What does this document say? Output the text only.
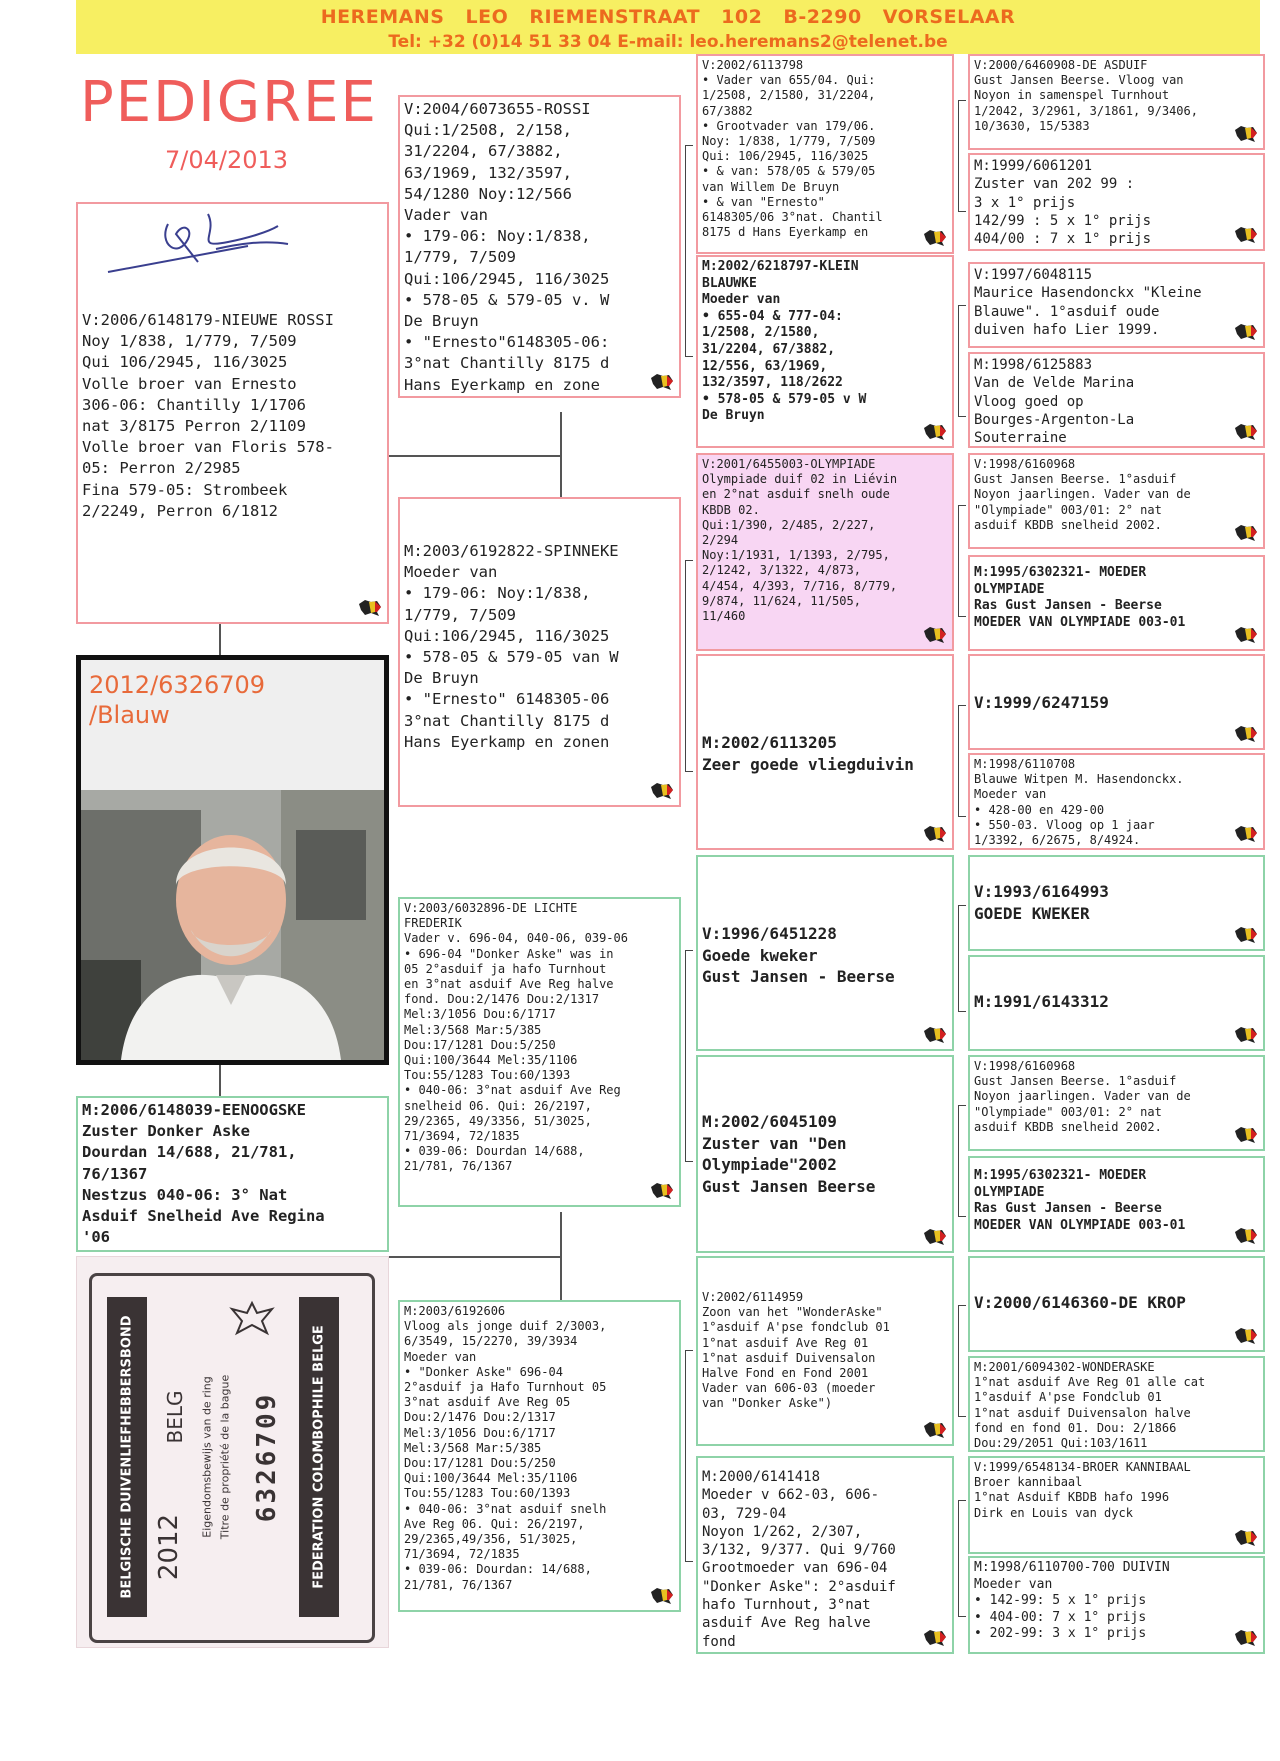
HEREMANS LEO RIEMENSTRAAT 102 B-2290 VORSELAAR
Tel: +32 (0)14 51 33 04 E-mail: leo.heremans2@telenet.be
PEDIGREE
7/04/2013
V:2006/6148179-NIEUWE ROSSI
Noy 1/838, 1/779, 7/509
Qui 106/2945, 116/3025
Volle broer van Ernesto
306-06: Chantilly 1/1706
nat 3/8175 Perron 2/1109
Volle broer van Floris 578-
05: Perron 2/2985
Fina 579-05: Strombeek
2/2249, Perron 6/1812
2012/6326709
/Blauw
M:2006/6148039-EENOOGSKE
Zuster Donker Aske
Dourdan 14/688, 21/781,
76/1367
Nestzus 040-06: 3° Nat
Asduif Snelheid Ave Regina
'06
BELGISCHE DUIVENLIEFHEBBERSBOND	FEDERATION COLOMBOPHILE BELGE
2012
BELG Eigendomsbewijs van de ring Titre de propriété de la bague 6326709
V:2004/6073655-ROSSI
Qui:1/2508, 2/158,
31/2204, 67/3882,
63/1969, 132/3597,
54/1280 Noy:12/566
Vader van
• 179-06: Noy:1/838,
1/779, 7/509
Qui:106/2945, 116/3025
• 578-05 & 579-05 v. W
De Bruyn
• "Ernesto"6148305-06:
3°nat Chantilly 8175 d
Hans Eyerkamp en zone
M:2003/6192822-SPINNEKE
Moeder van
• 179-06: Noy:1/838,
1/779, 7/509
Qui:106/2945, 116/3025
• 578-05 & 579-05 van W
De Bruyn
• "Ernesto" 6148305-06
3°nat Chantilly 8175 d
Hans Eyerkamp en zonen
V:2003/6032896-DE LICHTE
FREDERIK
Vader v. 696-04, 040-06, 039-06
• 696-04 "Donker Aske" was in
05 2°asduif ja hafo Turnhout
en 3°nat asduif Ave Reg halve
fond. Dou:2/1476 Dou:2/1317
Mel:3/1056 Dou:6/1717
Mel:3/568 Mar:5/385
Dou:17/1281 Dou:5/250
Qui:100/3644 Mel:35/1106
Tou:55/1283 Tou:60/1393
• 040-06: 3°nat asduif Ave Reg
snelheid 06. Qui: 26/2197,
29/2365, 49/3356, 51/3025,
71/3694, 72/1835
• 039-06: Dourdan 14/688,
21/781, 76/1367
M:2003/6192606
Vloog als jonge duif 2/3003,
6/3549, 15/2270, 39/3934
Moeder van
• "Donker Aske" 696-04
2°asduif ja Hafo Turnhout 05
3°nat asduif Ave Reg 05
Dou:2/1476 Dou:2/1317
Mel:3/1056 Dou:6/1717
Mel:3/568 Mar:5/385
Dou:17/1281 Dou:5/250
Qui:100/3644 Mel:35/1106
Tou:55/1283 Tou:60/1393
• 040-06: 3°nat asduif snelh
Ave Reg 06. Qui: 26/2197,
29/2365,49/356, 51/3025,
71/3694, 72/1835
• 039-06: Dourdan: 14/688,
21/781, 76/1367
V:2002/6113798
• Vader van 655/04. Qui:
1/2508, 2/1580, 31/2204,
67/3882
• Grootvader van 179/06.
Noy: 1/838, 1/779, 7/509
Qui: 106/2945, 116/3025
• & van: 578/05 & 579/05
van Willem De Bruyn
• & van "Ernesto"
6148305/06 3°nat. Chantil
8175 d Hans Eyerkamp en
M:2002/6218797-KLEIN
BLAUWKE
Moeder van
• 655-04 & 777-04:
1/2508, 2/1580,
31/2204, 67/3882,
12/556, 63/1969,
132/3597, 118/2622
• 578-05 & 579-05 v W
De Bruyn
V:2001/6455003-OLYMPIADE
Olympiade duif 02 in Liévin
en 2°nat asduif snelh oude
KBDB 02.
Qui:1/390, 2/485, 2/227,
2/294
Noy:1/1931, 1/1393, 2/795,
2/1242, 3/1322, 4/873,
4/454, 4/393, 7/716, 8/779,
9/874, 11/624, 11/505,
11/460
M:2002/6113205
Zeer goede vliegduivin
V:1996/6451228
Goede kweker
Gust Jansen - Beerse
M:2002/6045109
Zuster van "Den
Olympiade"2002
Gust Jansen Beerse
V:2002/6114959
Zoon van het "WonderAske"
1°asduif A'pse fondclub 01
1°nat asduif Ave Reg 01
1°nat asduif Duivensalon
Halve Fond en Fond 2001
Vader van 606-03 (moeder
van "Donker Aske")
M:2000/6141418
Moeder v 662-03, 606-
03, 729-04
Noyon 1/262, 2/307,
3/132, 9/377. Qui 9/760
Grootmoeder van 696-04
"Donker Aske": 2°asduif
hafo Turnhout, 3°nat
asduif Ave Reg halve
fond
V:2000/6460908-DE ASDUIF
Gust Jansen Beerse. Vloog van
Noyon in samenspel Turnhout
1/2042, 3/2961, 3/1861, 9/3406,
10/3630, 15/5383
M:1999/6061201
Zuster van 202 99 :
3 x 1° prijs
142/99 : 5 x 1° prijs
404/00 : 7 x 1° prijs
V:1997/6048115
Maurice Hasendonckx "Kleine
Blauwe". 1°asduif oude
duiven hafo Lier 1999.
M:1998/6125883
Van de Velde Marina
Vloog goed op
Bourges-Argenton-La
Souterraine
V:1998/6160968
Gust Jansen Beerse. 1°asduif
Noyon jaarlingen. Vader van de
"Olympiade" 003/01: 2° nat
asduif KBDB snelheid 2002.
M:1995/6302321- MOEDER
OLYMPIADE
Ras Gust Jansen - Beerse
MOEDER VAN OLYMPIADE 003-01
V:1999/6247159
M:1998/6110708
Blauwe Witpen M. Hasendonckx.
Moeder van
• 428-00 en 429-00
• 550-03. Vloog op 1 jaar
1/3392, 6/2675, 8/4924.
V:1993/6164993
GOEDE KWEKER
M:1991/6143312
V:1998/6160968
Gust Jansen Beerse. 1°asduif
Noyon jaarlingen. Vader van de
"Olympiade" 003/01: 2° nat
asduif KBDB snelheid 2002.
M:1995/6302321- MOEDER
OLYMPIADE
Ras Gust Jansen - Beerse
MOEDER VAN OLYMPIADE 003-01
V:2000/6146360-DE KROP
M:2001/6094302-WONDERASKE
1°nat asduif Ave Reg 01 alle cat
1°asduif A'pse Fondclub 01
1°nat asduif Duivensalon halve
fond en fond 01. Dou: 2/1866
Dou:29/2051 Qui:103/1611
V:1999/6548134-BROER KANNIBAAL
Broer kannibaal
1°nat Asduif KBDB hafo 1996
Dirk en Louis van dyck
M:1998/6110700-700 DUIVIN
Moeder van
• 142-99: 5 x 1° prijs
• 404-00: 7 x 1° prijs
• 202-99: 3 x 1° prijs
